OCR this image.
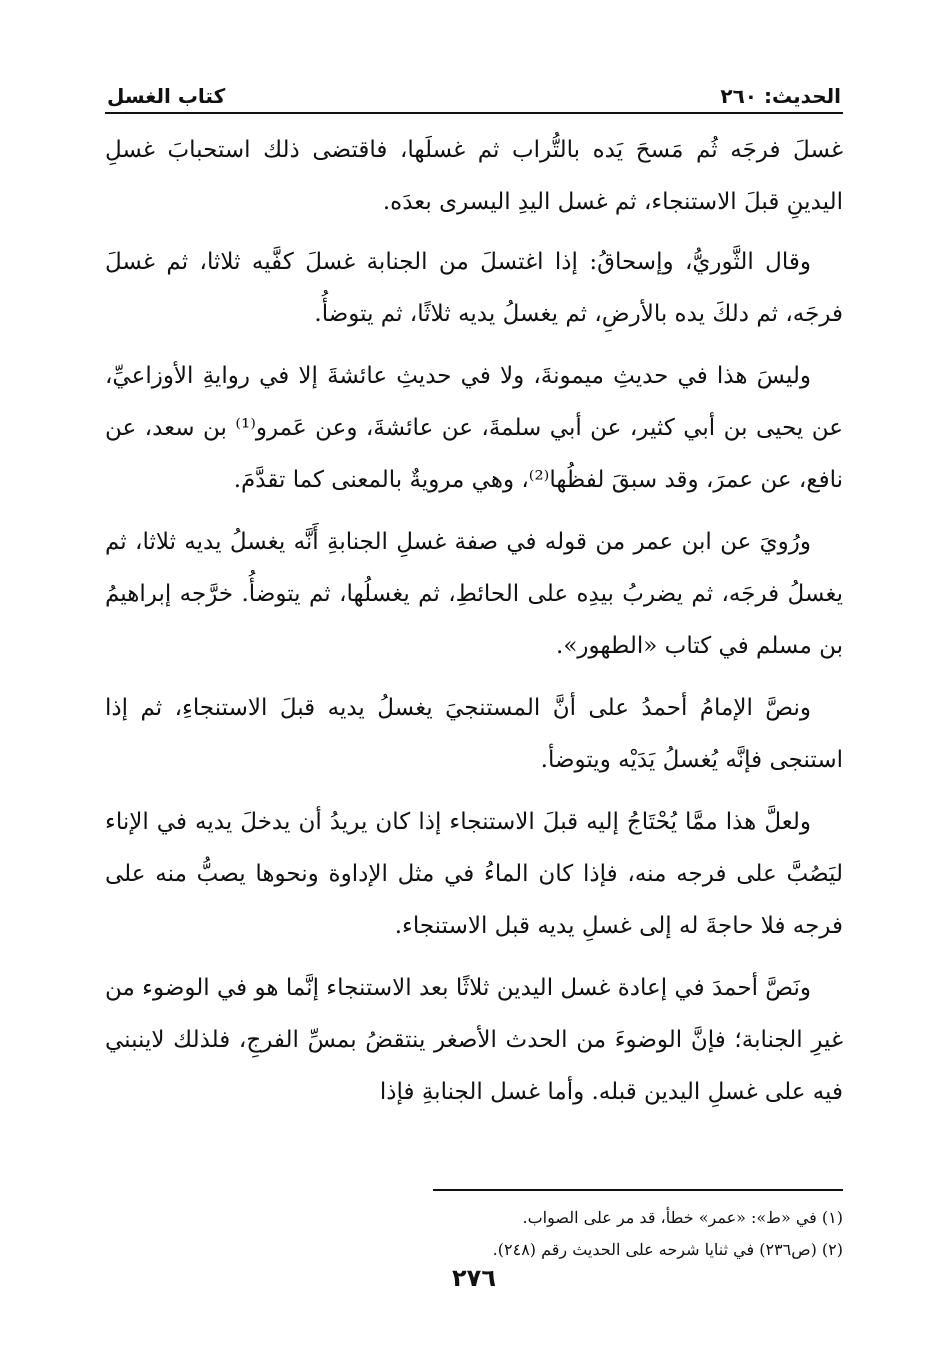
الحديث: ٢٦٠
كتاب الغسل

غسلَ فرجَه ثُم مَسحَ يَده بالتُّراب ثم غسلَها، فاقتضى ذلك استحبابَ غسلِ اليدينِ قبلَ الاستنجاء، ثم غسل اليدِ اليسرى بعدَه.

وقال الثَّوريُّ، وإسحاقُ: إذا اغتسلَ من الجنابة غسلَ كفَّيه ثلاثا، ثم غسلَ فرجَه، ثم دلكَ يده بالأرضِ، ثم يغسلُ يديه ثلاثًا، ثم يتوضأُ.

وليسَ هذا في حديثِ ميمونةَ، ولا في حديثِ عائشةَ إلا في روايةِ الأوزاعيِّ، عن يحيى بن أبي كثير، عن أبي سلمةَ، عن عائشةَ، وعن عَمرو⁽¹⁾ بن سعد، عن نافع، عن عمرَ، وقد سبقَ لفظُها⁽²⁾، وهي مرويةٌ بالمعنى كما تقدَّمَ.

ورُويَ عن ابن عمر من قوله في صفة غسلِ الجنابةِ أَنَّه يغسلُ يديه ثلاثا، ثم يغسلُ فرجَه، ثم يضربُ بيدِه على الحائطِ، ثم يغسلُها، ثم يتوضأُ. خرَّجه إبراهيمُ بن مسلم في كتاب «الطهور».

ونصَّ الإمامُ أحمدُ على أنَّ المستنجيَ يغسلُ يديه قبلَ الاستنجاءِ، ثم إذا استنجى فإنَّه يُغسلُ يَدَيْه ويتوضأ.

ولعلَّ هذا ممَّا يُحْتَاجُ إليه قبلَ الاستنجاء إذا كان يريدُ أن يدخلَ يديه في الإناء ليَصُبَّ على فرجه منه، فإذا كان الماءُ في مثل الإداوة ونحوها يصبُّ منه على فرجه فلا حاجةَ له إلى غسلِ يديه قبل الاستنجاء.

ونَصَّ أحمدَ في إعادة غسل اليدين ثلاثًا بعد الاستنجاء إنَّما هو في الوضوء من غيرِ الجنابة؛ فإنَّ الوضوءَ من الحدث الأصغر ينتقضُ بمسِّ الفرجِ، فلذلك لاينبني فيه على غسلِ اليدين قبله. وأما غسل الجنابةِ فإذا

(١) في «ط»: «عمر» خطأ، قد مر على الصواب.
(٢) (ص٢٣٦) في ثنايا شرحه على الحديث رقم (٢٤٨).
٢٧٦
